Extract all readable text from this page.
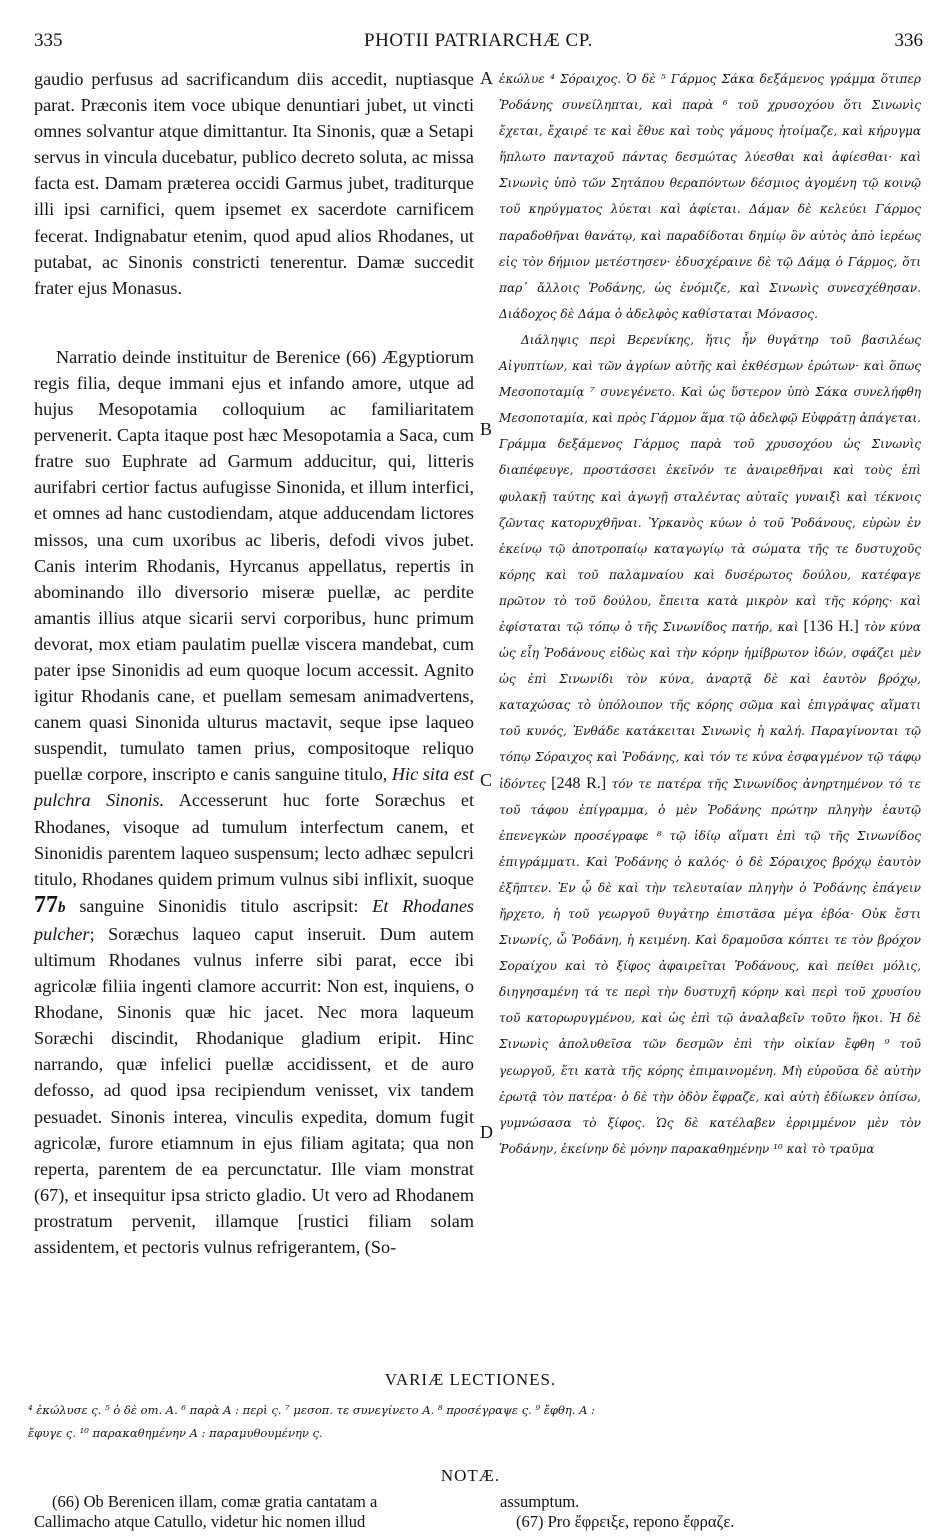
335	PHOTII PATRIARCHÆ CP.	336

gaudio perfusus ad sacrificandum diis accedit, nuptiasque parat. Præconis item voce ubique denuntiari jubet, ut vincti omnes solvantur atque dimittantur. Ita Sinonis, quæ a Setapi servus in vincula ducebatur, publico decreto soluta, ac missa facta est. Damam præterea occidi Garmus jubet, traditurque illi ipsi carnifici, quem ipsemet ex sacerdote carnificem fecerat. Indignabatur etenim, quod apud alios Rhodanes, ut putabat, ac Sinonis constricti tenerentur. Damæ succedit frater ejus Monasus.

Narratio deinde instituitur de Berenice (66) Ægyptiorum regis filia, deque immani ejus et infando amore, utque ad hujus Mesopotamia colloquium ac familiaritatem pervenerit. Capta itaque post hæc Mesopotamia a Saca, cum fratre suo Euphrate ad Garmum adducitur, qui, litteris aurifabri certior factus aufugisse Sinonida, et illum interfici, et omnes ad hanc custodiendam, atque adducendam lictores missos, una cum uxoribus ac liberis, defodi vivos jubet. Canis interim Rhodanis, Hyrcanus appellatus, repertis in abominando illo diversorio miseræ puellæ, ac perdite amantis illius atque sicarii servi corporibus, hunc primum devorat, mox etiam paulatim puellæ viscera mandebat, cum pater ipse Sinonidis ad eum quoque locum accessit. Agnito igitur Rhodanis cane, et puellam semesam animadvertens, canem quasi Sinonida ulturus mactavit, seque ipse laqueo suspendit, tumulato tamen prius, compositoque reliquo puellæ corpore, inscripto e canis sanguine titulo, Hic sita est pulchra Sinonis. Accesserunt huc forte Soræchus et Rhodanes, visoque ad tumulum interfectum canem, et Sinonidis parentem laqueo suspensum; lecto adhæc sepulcri titulo, Rhodanes quidem primum vulnus sibi inflixit, suoque 77b sanguine Sinonidis titulo ascripsit: Et Rhodanes pulcher; Soræchus laqueo caput inseruit. Dum autem ultimum Rhodanes vulnus inferre sibi parat, ecce ibi agricolæ filiia ingenti clamore accurrit: Non est, inquiens, o Rhodane, Sinonis quæ hic jacet. Nec mora laqueum Soræchi discindit, Rhodanique gladium eripit. Hinc narrando, quæ infelici puellæ accidissent, et de auro defosso, ad quod ipsa recipiendum venisset, vix tandem pesuadet. Sinonis interea, vinculis expedita, domum fugit agricolæ, furore etiamnum in ejus filiam agitata; qua non reperta, parentem de ea percunctatur. Ille viam monstrat (67), et insequitur ipsa stricto gladio. Ut vero ad Rhodanem prostratum pervenit, illamque [rustici filiam solam assidentem, et pectoris vulnus refrigerantem, (So-

A
B
C
D

ἐκώλυε ⁴ Σόραιχος. Ὁ δὲ ⁵ Γάρμος Σάκα δεξάμενος γράμμα ὅτιπερ Ῥοδάνης συνείληπται, καὶ παρὰ ⁶ τοῦ χρυσοχόου ὅτι Σινωνὶς ἔχεται, ἔχαιρέ τε καὶ ἔθυε καὶ τοὺς γάμους ἡτοίμαζε, καὶ κήρυγμα ἥπλωτο πανταχοῦ πάντας δεσμώτας λύεσθαι καὶ ἀφίεσθαι· καὶ Σινωνὶς ὑπὸ τῶν Σητάπου θεραπόντων δέσμιος ἀγομένη τῷ κοινῷ τοῦ κηρύγματος λύεται καὶ ἀφίεται. Δάμαν δὲ κελεύει Γάρμος παραδοθῆναι θανάτῳ, καὶ παραδίδοται δημίῳ ὃν αὐτὸς ἀπὸ ἱερέως εἰς τὸν δήμιον μετέστησεν· ἐδυσχέραινε δὲ τῷ Δάμᾳ ὁ Γάρμος, ὅτι παρ᾽ ἄλλοις Ῥοδάνης, ὡς ἐνόμιζε, καὶ Σινωνὶς συνεσχέθησαν. Διάδοχος δὲ Δάμα ὁ ἀδελφὸς καθίσταται Μόνασος.

Διάληψις περὶ Βερενίκης, ἥτις ἦν θυγάτηρ τοῦ βασιλέως Αἰγυπτίων, καὶ τῶν ἀγρίων αὐτῆς καὶ ἐκθέσμων ἐρώτων· καὶ ὅπως Μεσοποταμίᾳ ⁷ συνεγένετο. Καὶ ὡς ὕστερον ὑπὸ Σάκα συνελήφθη Μεσοποταμία, καὶ πρὸς Γάρμον ἅμα τῷ ἀδελφῷ Εὐφράτῃ ἀπάγεται. Γράμμα δεξάμενος Γάρμος παρὰ τοῦ χρυσοχόου ὡς Σινωνὶς διαπέφευγε, προστάσσει ἐκεῖνόν τε ἀναιρεθῆναι καὶ τοὺς ἐπὶ φυλακῇ ταύτης καὶ ἀγωγῇ σταλέντας αὐταῖς γυναιξὶ καὶ τέκνοις ζῶντας κατορυχθῆναι. Ὑρκανὸς κύων ὁ τοῦ Ῥοδάνους, εὑρὼν ἐν ἐκείνῳ τῷ ἀποτροπαίῳ καταγωγίῳ τὰ σώματα τῆς τε δυστυχοῦς κόρης καὶ τοῦ παλαμναίου καὶ δυσέρωτος δούλου, κατέφαγε πρῶτον τὸ τοῦ δούλου, ἔπειτα κατὰ μικρὸν καὶ τῆς κόρης· καὶ ἐφίσταται τῷ τόπῳ ὁ τῆς Σινωνίδος πατήρ, καὶ [136 H.] τὸν κύνα ὡς εἶη Ῥοδάνους εἰδὼς καὶ τὴν κόρην ἡμίβρωτον ἰδών, σφάζει μὲν ὡς ἐπὶ Σινωνίδι τὸν κύνα, ἀναρτᾷ δὲ καὶ ἑαυτὸν βρόχῳ, καταχώσας τὸ ὑπόλοιπον τῆς κόρης σῶμα καὶ ἐπιγράψας αἵματι τοῦ κυνός, Ἐνθάδε κατάκειται Σινωνὶς ἡ καλή. Παραγίνονται τῷ τόπῳ Σόραιχος καὶ Ῥοδάνης, καὶ τόν τε κύνα ἐσφαγμένον τῷ τάφῳ ἰδόντες [248 R.] τόν τε πατέρα τῆς Σινωνίδος ἀνηρτημένον τό τε τοῦ τάφου ἐπίγραμμα, ὁ μὲν Ῥοδάνης πρώτην πληγὴν ἑαυτῷ ἐπενεγκὼν προσέγραφε ⁸ τῷ ἰδίῳ αἵματι ἐπὶ τῷ τῆς Σινωνίδος ἐπιγράμματι. Καὶ Ῥοδάνης ὁ καλός· ὁ δὲ Σόραιχος βρόχῳ ἑαυτὸν ἐξῆπτεν. Ἐν ᾧ δὲ καὶ τὴν τελευταίαν πληγὴν ὁ Ῥοδάνης ἐπάγειν ἤρχετο, ἡ τοῦ γεωργοῦ θυγάτηρ ἐπιστᾶσα μέγα ἐβόα· Οὐκ ἔστι Σινωνίς, ὦ Ῥοδάνη, ἡ κειμένη. Καὶ δραμοῦσα κόπτει τε τὸν βρόχον Σοραίχου καὶ τὸ ξίφος ἀφαιρεῖται Ῥοδάνους, καὶ πείθει μόλις, διηγησαμένη τά τε περὶ τὴν δυστυχῆ κόρην καὶ περὶ τοῦ χρυσίου τοῦ κατορωρυγμένου, καὶ ὡς ἐπὶ τῷ ἀναλαβεῖν τοῦτο ἥκοι. Ἡ δὲ Σινωνὶς ἀπολυθεῖσα τῶν δεσμῶν ἐπὶ τὴν οἰκίαν ἔφθη ⁹ τοῦ γεωργοῦ, ἔτι κατὰ τῆς κόρης ἐπιμαινομένη. Μὴ εὑροῦσα δὲ αὐτὴν ἐρωτᾷ τὸν πατέρα· ὁ δὲ τὴν ὁδὸν ἔφραζε, καὶ αὐτὴ ἐδίωκεν ὀπίσω, γυμνώσασα τὸ ξίφος. Ὡς δὲ κατέλαβεν ἐρριμμένον μὲν τὸν Ῥοδάνην, ἐκείνην δὲ μόνην παρακαθημένην ¹⁰ καὶ τὸ τραῦμα

VARIÆ LECTIONES.
⁴ ἐκώλυσε ς. ⁵ ὁ δὲ om. A. ⁶ παρὰ A : περὶ ς. ⁷ μεσοπ. τε συνεγίνετο A. ⁸ προσέγραψε ς. ⁹ ἔφθη. A :
ἔφυγε ς. ¹⁰ παρακαθημένην A : παραμυθουμένην ς.
NOTÆ.
(66) Ob Berenicen illam, comæ gratia cantatam a
Callimacho atque Catullo, videtur hic nomen illud
assumptum.
(67) Pro ἔφρειξε, repono ἔφραζε.
